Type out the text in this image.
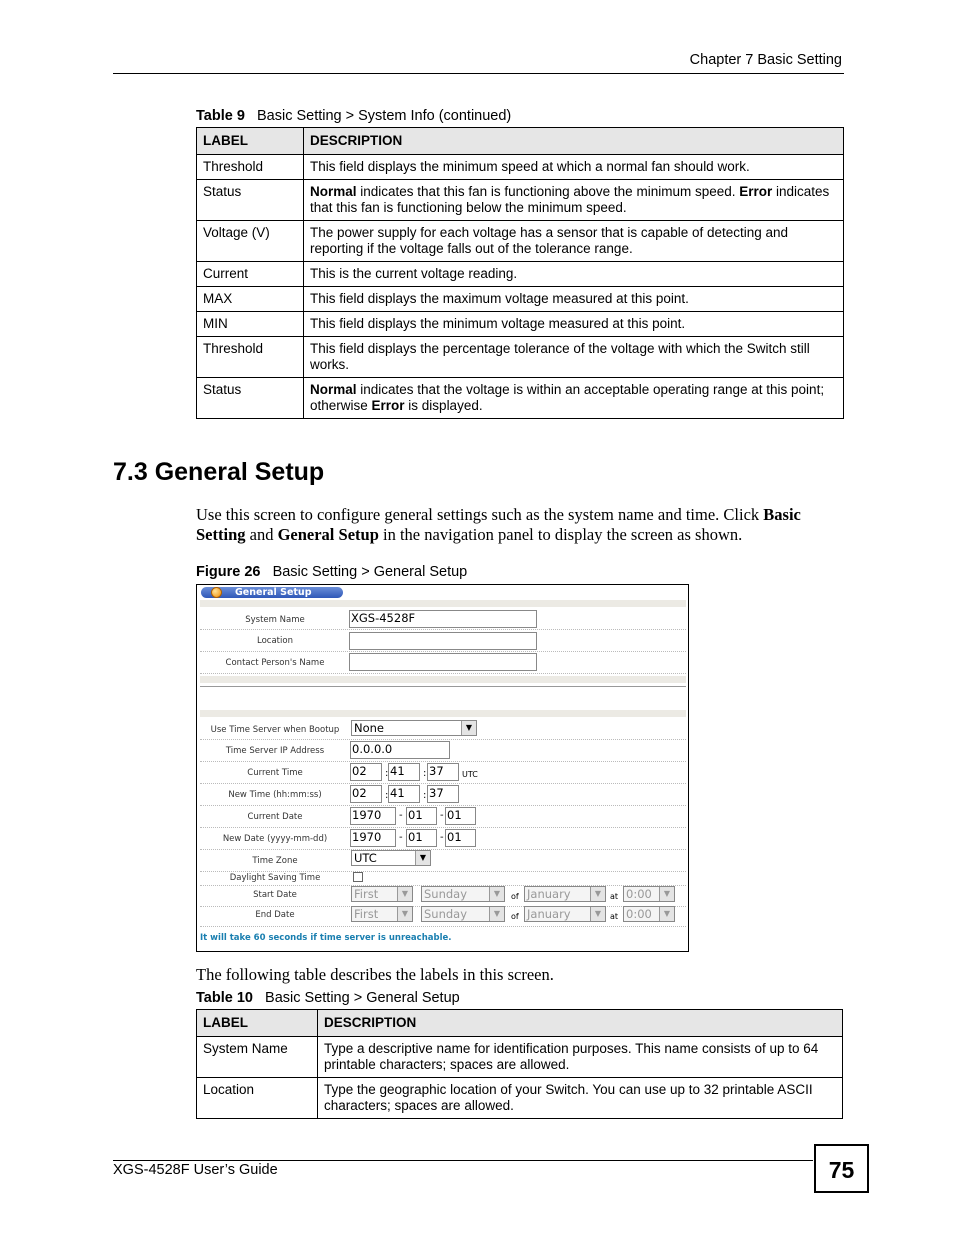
Chapter 7 Basic Setting
Table 9 Basic Setting > System Info (continued)
LABEL	DESCRIPTION
Threshold	This field displays the minimum speed at which a normal fan should work.
Status	Normal indicates that this fan is functioning above the minimum speed. Error indicates that this fan is functioning below the minimum speed.
Voltage (V)	The power supply for each voltage has a sensor that is capable of detecting and reporting if the voltage falls out of the tolerance range.
Current	This is the current voltage reading.
MAX	This field displays the maximum voltage measured at this point.
MIN	This field displays the minimum voltage measured at this point.
Threshold	This field displays the percentage tolerance of the voltage with which the Switch still works.
Status	Normal indicates that the voltage is within an acceptable operating range at this point; otherwise Error is displayed.
7.3 General Setup
Use this screen to configure general settings such as the system name and time. Click Basic Setting and General Setup in the navigation panel to display the screen as shown.
Figure 26 Basic Setting > General Setup
General Setup
System Name	XGS-4528F
Location
Contact Person's Name
Use Time Server when Bootup	None	▼
Time Server IP Address	0.0.0.0
Current Time	02	: 41	: 37	UTC
New Time (hh:mm:ss)	02	: 41	: 37
Current Date	1970	- 01	- 01
New Date (yyyy-mm-dd)	1970	- 01	- 01
Time Zone	UTC	▼
Daylight Saving Time
Start Date	First	▼	Sunday	▼	of January	▼	at 0:00	▼
End Date	First	▼	Sunday	▼	of January	▼	at 0:00	▼
It will take 60 seconds if time server is unreachable.
The following table describes the labels in this screen.
Table 10 Basic Setting > General Setup
LABEL	DESCRIPTION
System Name	Type a descriptive name for identification purposes. This name consists of up to 64 printable characters; spaces are allowed.
Location	Type the geographic location of your Switch. You can use up to 32 printable ASCII characters; spaces are allowed.
XGS-4528F User’s Guide	75
